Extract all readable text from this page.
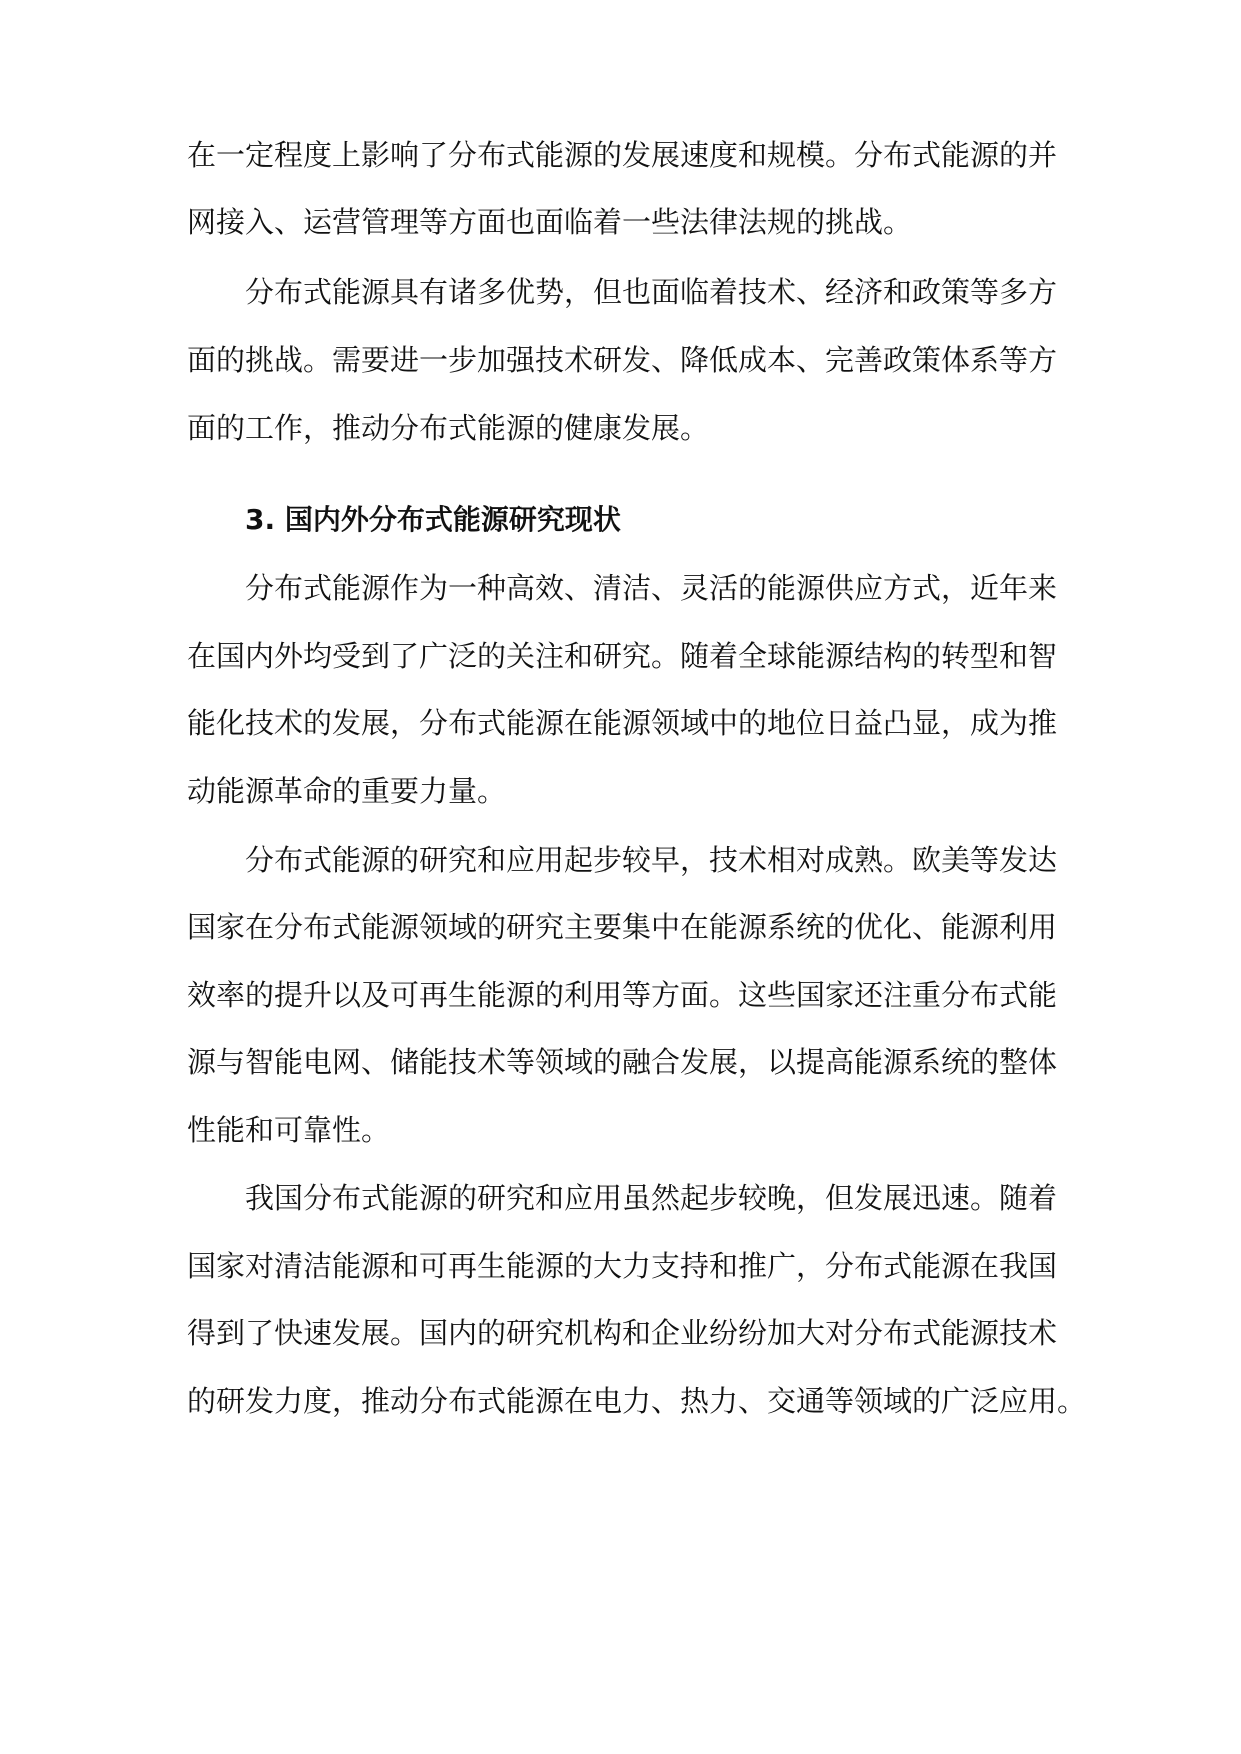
在一定程度上影响了分布式能源的发展速度和规模。分布式能源的并
网接入、运营管理等方面也面临着一些法律法规的挑战。
分布式能源具有诸多优势，但也面临着技术、经济和政策等多方
面的挑战。需要进一步加强技术研发、降低成本、完善政策体系等方
面的工作，推动分布式能源的健康发展。
3. 国内外分布式能源研究现状
分布式能源作为一种高效、清洁、灵活的能源供应方式，近年来
在国内外均受到了广泛的关注和研究。随着全球能源结构的转型和智
能化技术的发展，分布式能源在能源领域中的地位日益凸显，成为推
动能源革命的重要力量。
分布式能源的研究和应用起步较早，技术相对成熟。欧美等发达
国家在分布式能源领域的研究主要集中在能源系统的优化、能源利用
效率的提升以及可再生能源的利用等方面。这些国家还注重分布式能
源与智能电网、储能技术等领域的融合发展，以提高能源系统的整体
性能和可靠性。
我国分布式能源的研究和应用虽然起步较晚，但发展迅速。随着
国家对清洁能源和可再生能源的大力支持和推广，分布式能源在我国
得到了快速发展。国内的研究机构和企业纷纷加大对分布式能源技术
的研发力度，推动分布式能源在电力、热力、交通等领域的广泛应用。
